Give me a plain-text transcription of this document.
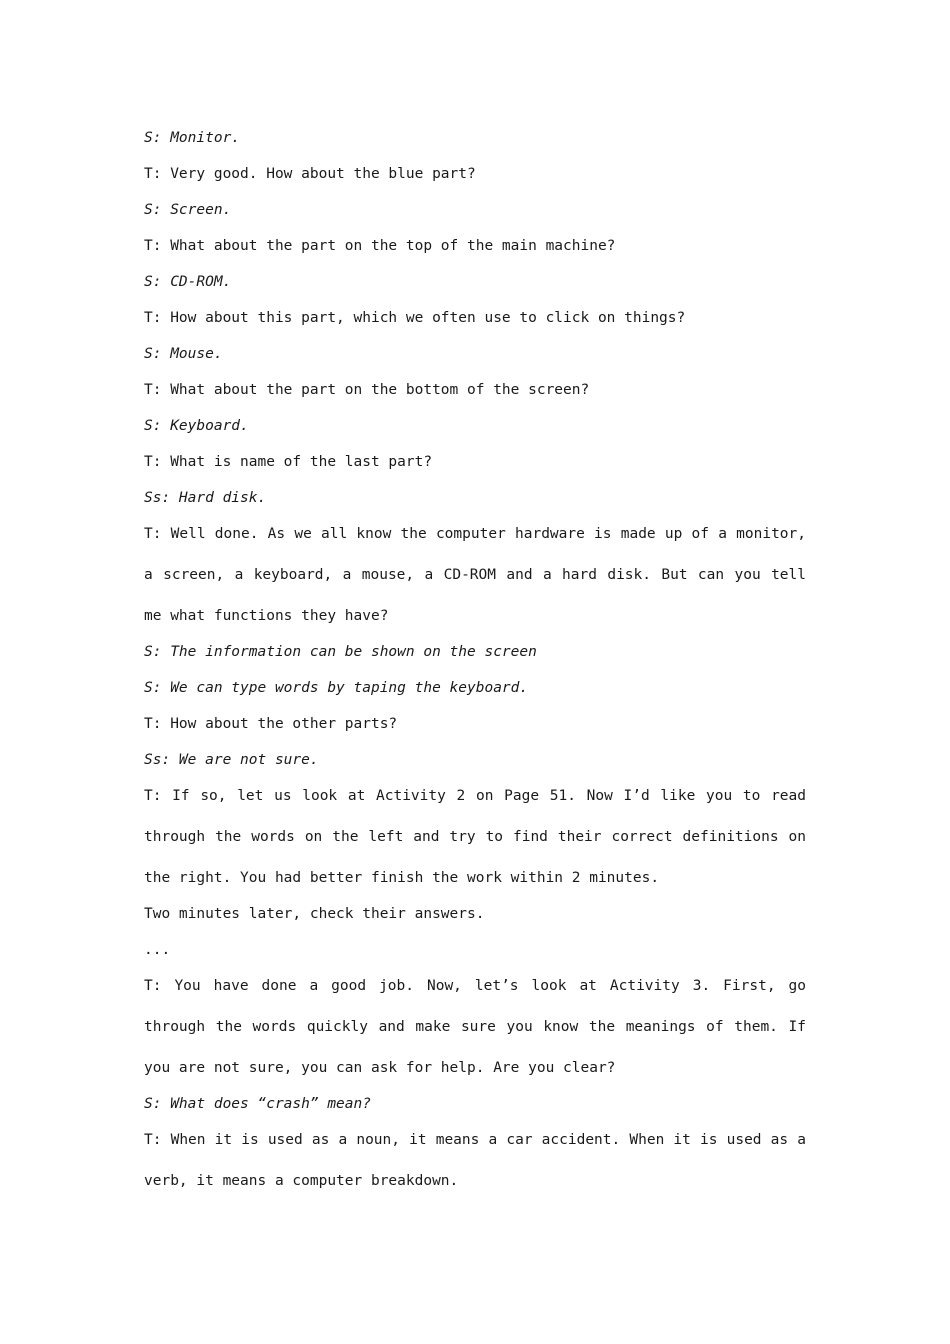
S: Monitor.

T: Very good. How about the blue part?

S: Screen.

T: What about the part on the top of the main machine?

S: CD-ROM.

T: How about this part, which we often use to click on things?

S: Mouse.

T: What about the part on the bottom of the screen?

S: Keyboard.

T: What is name of the last part?

Ss: Hard disk.

T: Well done. As we all know the computer hardware is made up of a monitor, a screen, a keyboard, a mouse, a CD-ROM and a hard disk. But can you tell me what functions they have?

S: The information can be shown on the screen

S: We can type words by taping the keyboard.

T: How about the other parts?

Ss: We are not sure.

T: If so, let us look at Activity 2 on Page 51. Now I’d like you to read through the words on the left and try to find their correct definitions on the right. You had better finish the work within 2 minutes.

Two minutes later, check their answers.

...

T: You have done a good job. Now, let’s look at Activity 3. First, go through the words quickly and make sure you know the meanings of them. If you are not sure, you can ask for help. Are you clear?

S: What does “crash” mean?

T: When it is used as a noun, it means a car accident. When it is used as a verb, it means a computer breakdown.
